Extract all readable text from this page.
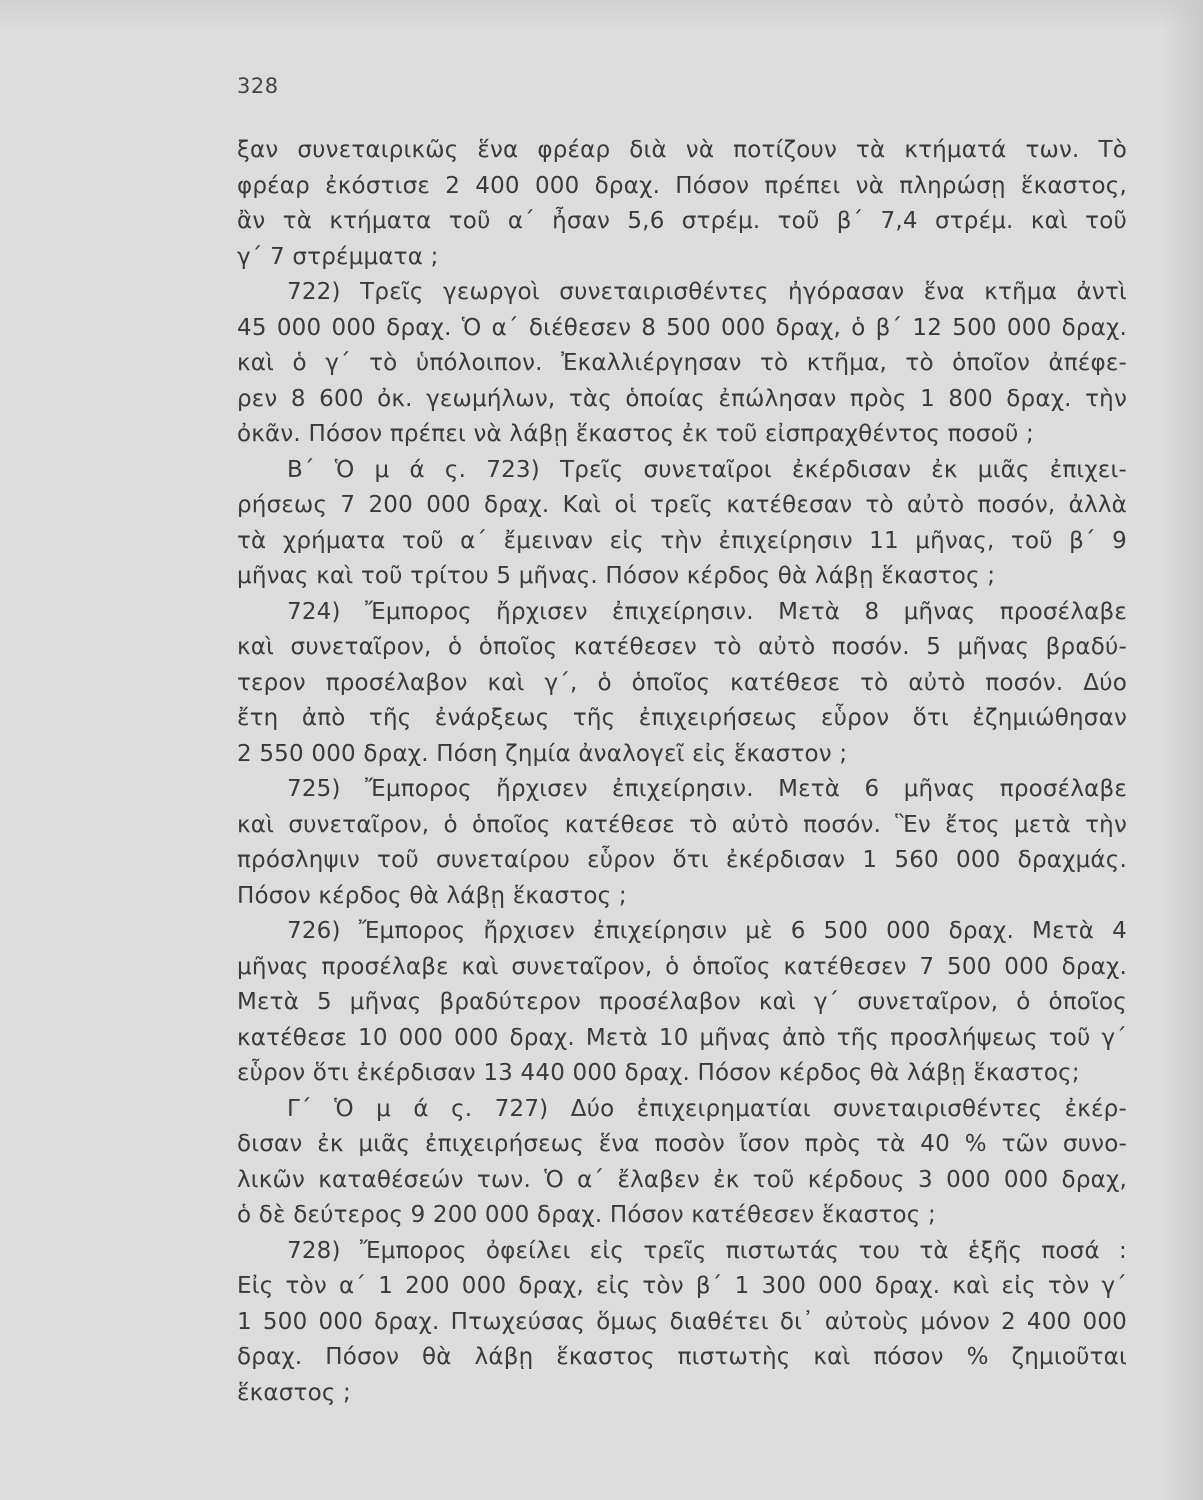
328
ξαν συνεταιρικῶς ἕνα φρέαρ διὰ νὰ ποτίζουν τὰ κτήματά των. Τὸ
φρέαρ ἐκόστισε 2 400 000 δραχ. Πόσον πρέπει νὰ πληρώσῃ ἕκαστος,
ἂν τὰ κτήματα τοῦ α΄ ἦσαν 5,6 στρέμ. τοῦ β΄ 7,4 στρέμ. καὶ τοῦ
γ΄ 7 στρέμματα ;
722) Τρεῖς γεωργοὶ συνεταιρισθέντες ἠγόρασαν ἕνα κτῆμα ἀντὶ
45 000 000 δραχ. Ὁ α΄ διέθεσεν 8 500 000 δραχ, ὁ β΄ 12 500 000 δραχ.
καὶ ὁ γ΄ τὸ ὑπόλοιπον. Ἐκαλλιέργησαν τὸ κτῆμα, τὸ ὁποῖον ἀπέφε-
ρεν 8 600 ὀκ. γεωμήλων, τὰς ὁποίας ἐπώλησαν πρὸς 1 800 δραχ. τὴν
ὀκᾶν. Πόσον πρέπει νὰ λάβῃ ἕκαστος ἐκ τοῦ εἰσπραχθέντος ποσοῦ ;
Β΄ Ὁ μ ά ς. 723) Τρεῖς συνεταῖροι ἐκέρδισαν ἐκ μιᾶς ἐπιχει-
ρήσεως 7 200 000 δραχ. Καὶ οἱ τρεῖς κατέθεσαν τὸ αὐτὸ ποσόν, ἀλλὰ
τὰ χρήματα τοῦ α΄ ἔμειναν εἰς τὴν ἐπιχείρησιν 11 μῆνας, τοῦ β΄ 9
μῆνας καὶ τοῦ τρίτου 5 μῆνας. Πόσον κέρδος θὰ λάβῃ ἕκαστος ;
724) Ἔμπορος ἤρχισεν ἐπιχείρησιν. Μετὰ 8 μῆνας προσέλαβε
καὶ συνεταῖρον, ὁ ὁποῖος κατέθεσεν τὸ αὐτὸ ποσόν. 5 μῆνας βραδύ-
τερον προσέλαβον καὶ γ΄, ὁ ὁποῖος κατέθεσε τὸ αὐτὸ ποσόν. Δύο
ἔτη ἀπὸ τῆς ἐνάρξεως τῆς ἐπιχειρήσεως εὗρον ὅτι ἐζημιώθησαν
2 550 000 δραχ. Πόση ζημία ἀναλογεῖ εἰς ἕκαστον ;
725) Ἔμπορος ἤρχισεν ἐπιχείρησιν. Μετὰ 6 μῆνας προσέλαβε
καὶ συνεταῖρον, ὁ ὁποῖος κατέθεσε τὸ αὐτὸ ποσόν. Ἓν ἔτος μετὰ τὴν
πρόσληψιν τοῦ συνεταίρου εὗρον ὅτι ἐκέρδισαν 1 560 000 δραχμάς.
Πόσον κέρδος θὰ λάβῃ ἕκαστος ;
726) Ἔμπορος ἤρχισεν ἐπιχείρησιν μὲ 6 500 000 δραχ. Μετὰ 4
μῆνας προσέλαβε καὶ συνεταῖρον, ὁ ὁποῖος κατέθεσεν 7 500 000 δραχ.
Μετὰ 5 μῆνας βραδύτερον προσέλαβον καὶ γ΄ συνεταῖρον, ὁ ὁποῖος
κατέθεσε 10 000 000 δραχ. Μετὰ 10 μῆνας ἀπὸ τῆς προσλήψεως τοῦ γ΄
εὗρον ὅτι ἐκέρδισαν 13 440 000 δραχ. Πόσον κέρδος θὰ λάβῃ ἕκαστος;
Γ΄ Ὁ μ ά ς. 727) Δύο ἐπιχειρηματίαι συνεταιρισθέντες ἐκέρ-
δισαν ἐκ μιᾶς ἐπιχειρήσεως ἕνα ποσὸν ἴσον πρὸς τὰ 40 % τῶν συνο-
λικῶν καταθέσεών των. Ὁ α΄ ἔλαβεν ἐκ τοῦ κέρδους 3 000 000 δραχ,
ὁ δὲ δεύτερος 9 200 000 δραχ. Πόσον κατέθεσεν ἕκαστος ;
728) Ἔμπορος ὀφείλει εἰς τρεῖς πιστωτάς του τὰ ἑξῆς ποσά :
Εἰς τὸν α΄ 1 200 000 δραχ, εἰς τὸν β΄ 1 300 000 δραχ. καὶ εἰς τὸν γ΄
1 500 000 δραχ. Πτωχεύσας ὅμως διαθέτει δι᾽ αὐτοὺς μόνον 2 400 000
δραχ. Πόσον θὰ λάβῃ ἕκαστος πιστωτὴς καὶ πόσον % ζημιοῦται
ἕκαστος ;
